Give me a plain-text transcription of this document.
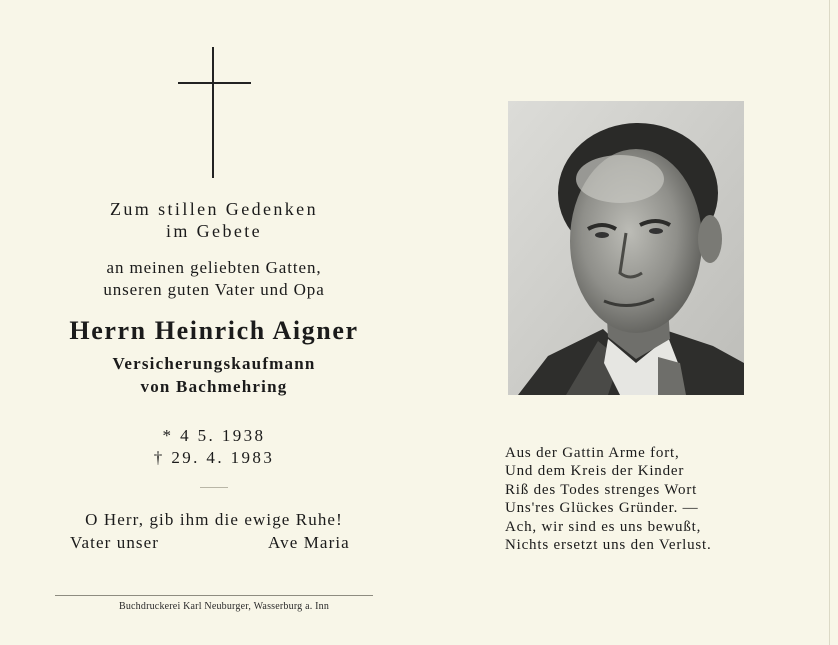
Zum stillen Gedenken
im Gebete
an meinen geliebten Gatten,
unseren guten Vater und Opa
Herrn Heinrich Aigner
Versicherungskaufmann
von Bachmehring
* 4 5. 1938
† 29. 4. 1983
O Herr, gib ihm die ewige Ruhe!
Vater unser	Ave Maria
Buchdruckerei Karl Neuburger, Wasserburg a. Inn
Aus der Gattin Arme fort,
Und dem Kreis der Kinder
Riß des Todes strenges Wort
Uns'res Glückes Gründer. —
Ach, wir sind es uns bewußt,
Nichts ersetzt uns den Verlust.
